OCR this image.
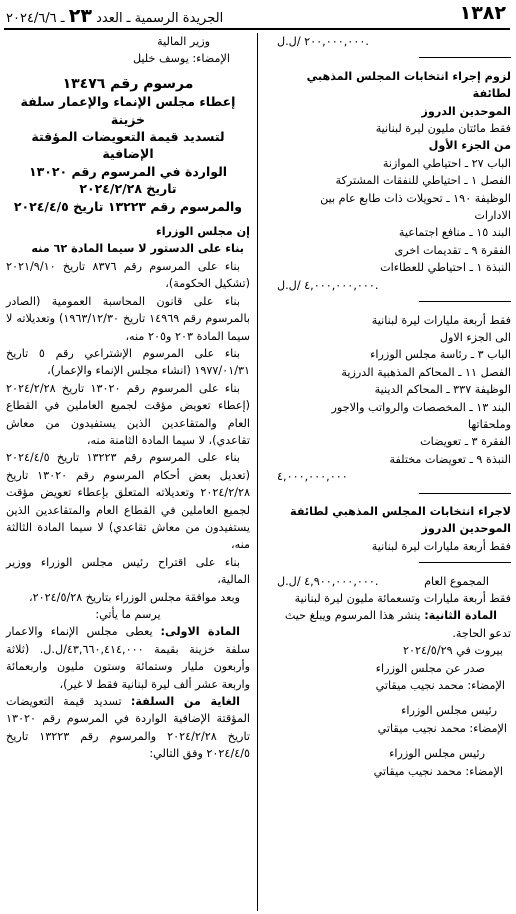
١٣٨٢
الجريدة الرسمية ـ العدد ٢٣ ـ ٢٠٢٤/٦/٦

٢٠٠,٠٠٠,٠٠٠ /ل.ل.

لزوم إجراء انتخابات المجلس المذهبي لطائفة

الموحدين الدروز

فقط مائتان مليون ليرة لبنانية

من الجزء الأول

الباب ٢٧ ـ احتياطي الموازنة

الفصل ١ ـ احتياطي للنفقات المشتركة

الوظيفة ١٩٠ ـ تحويلات ذات طابع عام بين

الادارات

البند ١٥ ـ منافع اجتماعية

الفقرة ٩ ـ تقديمات اخرى

النبذة ١ ـ احتياطي للعطاءات

٤,٠٠٠,٠٠٠,٠٠٠ /ل.ل.

فقط أربعة مليارات ليرة لبنانية

الى الجزء الاول

الباب ٣ ـ رئاسة مجلس الوزراء

الفصل ١١ ـ المحاكم المذهبية الدرزية

الوظيفة ٣٣٧ ـ المحاكم الدينية

البند ١٣ ـ المخصصات والرواتب والاجور

وملحقاتها

الفقرة ٣ ـ تعويضات

النبذة ٩ ـ تعويضات مختلفة

٤,٠٠٠,٠٠٠,٠٠٠

لاجراء انتخابات المجلس المذهبي لطائفة

الموحدين الدروز

فقط أربعة مليارات ليرة لبنانية

المجموع العام
٤,٩٠٠,٠٠٠,٠٠٠ /ل.ل.

فقط أربعة مليارات وتسعمائة مليون ليرة لبنانية

المادة الثانية: ينشر هذا المرسوم ويبلغ حيث

تدعو الحاجة.

بيروت في ٢٠٢٤/٥/٢٩

صدر عن مجلس الوزراء

الإمضاء: محمد نجيب ميقاتي

رئيس مجلس الوزراء

الإمضاء: محمد نجيب ميقاتي

رئيس مجلس الوزراء

الإمضاء: محمد نجيب ميقاتي

وزير المالية

الإمضاء: يوسف خليل

مرسوم رقم ١٣٤٧٦

إعطاء مجلس الإنماء والإعمار سلفة خزينة

لتسديد قيمة التعويضات المؤقتة الإضافية

الواردة في المرسوم رقم ١٣٠٢٠

تاريخ ٢٠٢٤/٢/٢٨

والمرسوم رقم ١٣٢٢٣ تاريخ ٢٠٢٤/٤/٥

إن مجلس الوزراء

بناء على الدستور لا سيما المادة ٦٢ منه

بناء على المرسوم رقم ٨٣٧٦ تاريخ ٢٠٢١/٩/١٠ (تشكيل الحكومة)،

بناء على قانون المحاسبة العمومية (الصادر بالمرسوم رقم ١٤٩٦٩ تاريخ ١٩٦٣/١٢/٣٠) وتعديلاته لا سيما المادة ٢٠٣ و٢٠٥ منه،

بناء على المرسوم الإشتراعي رقم ٥ تاريخ ١٩٧٧/٠١/٣١ (انشاء مجلس الإنماء والإعمار)،

بناء على المرسوم رقم ١٣٠٢٠ تاريخ ٢٠٢٤/٢/٢٨ (إعطاء تعويض مؤقت لجميع العاملين في القطاع العام والمتقاعدين الذين يستفيدون من معاش تقاعدي)، لا سيما المادة الثامنة منه،

بناء على المرسوم رقم ١٣٢٢٣ تاريخ ٢٠٢٤/٤/٥ (تعديل بعض أحكام المرسوم رقم ١٣٠٢٠ تاريخ ٢٠٢٤/٢/٢٨ وتعديلاته المتعلق بإعطاء تعويض مؤقت لجميع العاملين في القطاع العام والمتقاعدين الذين يستفيدون من معاش تقاعدي) لا سيما المادة الثالثة منه،

بناء على اقتراح رئيس مجلس الوزراء ووزير المالية،

وبعد موافقة مجلس الوزراء بتاريخ ٢٠٢٤/٥/٢٨،

يرسم ما يأتي:

المادة الاولى: يعطى مجلس الإنماء والاعمار سلفة خزينة بقيمة ٤٣,٦٦٠,٤١٤,٠٠٠/ل.ل. (ثلاثة وأربعون مليار وستمائة وستون مليون واربعمائة واربعة عشر ألف ليرة لبنانية فقط لا غير)،

الغاية من السلفة: تسديد قيمة التعويضات المؤقتة الإضافية الواردة في المرسوم رقم ١٣٠٢٠ تاريخ ٢٠٢٤/٢/٢٨ والمرسوم رقم ١٣٢٢٣ تاريخ ٢٠٢٤/٤/٥ وفق التالي:
